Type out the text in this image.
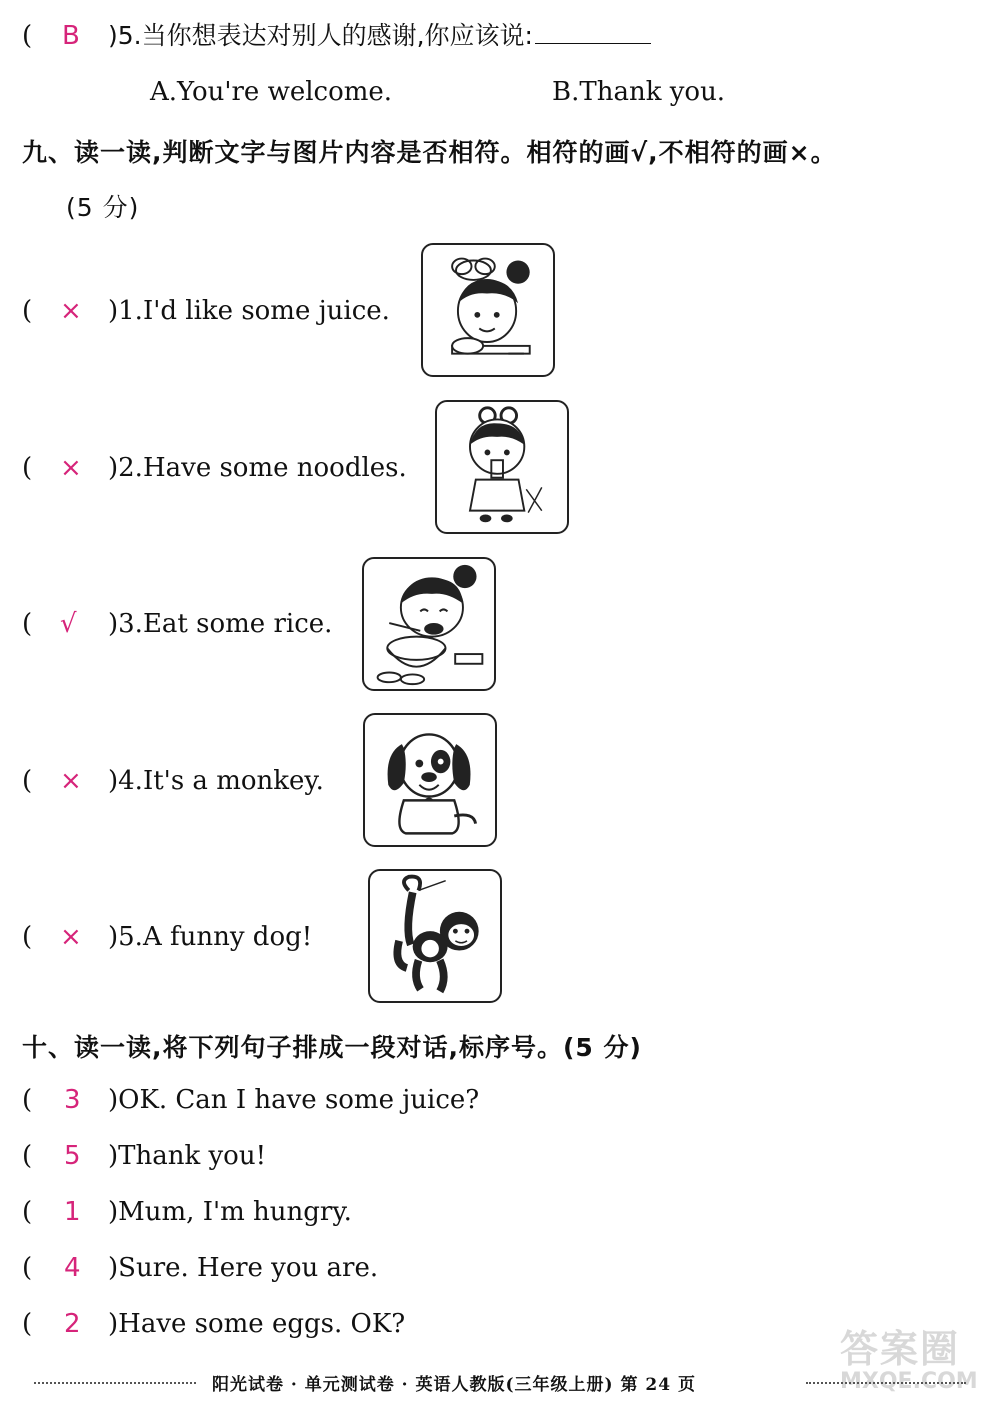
( B )5.当你想表达对别人的感谢,你应该说:
A.You're welcome.	B.Thank you.
九、读一读,判断文字与图片内容是否相符。相符的画√,不相符的画×。
(5 分)
( × )1.I'd like some juice.
( × )2.Have some noodles.
( √ )3.Eat some rice.
( × )4.It's a monkey.
( × )5.A funny dog!
十、读一读,将下列句子排成一段对话,标序号。(5 分)
( 3 )OK. Can I have some juice?
( 5 )Thank you!
( 1 )Mum, I'm hungry.
( 4 )Sure. Here you are.
( 2 )Have some eggs. OK?
答案圈
MXQE.COM
阳光试卷 · 单元测试卷 · 英语人教版(三年级上册) 第 24 页
